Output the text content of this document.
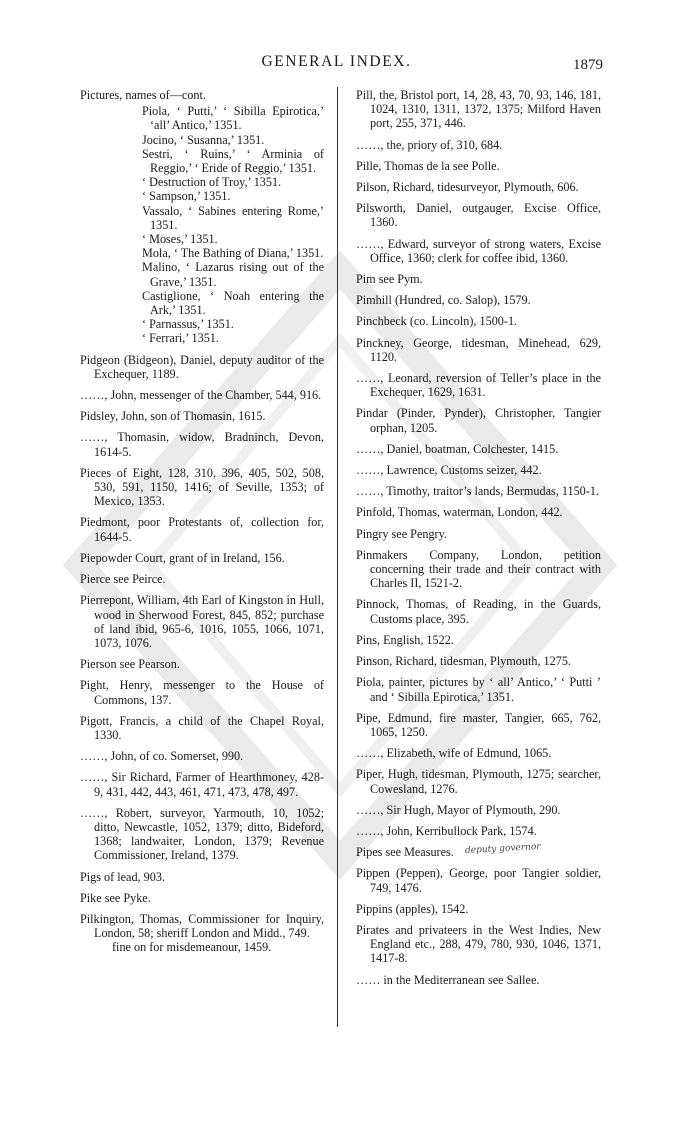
GENERAL INDEX.	1879

Pictures, names of—cont.

Piola, ‘ Putti,’ ‘ Sibilla Epirotica,’ ‘all’ Antico,’ 1351.

Jocino, ‘ Susanna,’ 1351.

Sestri, ‘ Ruins,’ ‘ Arminia of Reggio,’ ‘ Eride of Reggio,’ 1351.

‘ Destruction of Troy,’ 1351.

‘ Sampson,’ 1351.

Vassalo, ‘ Sabines entering Rome,’ 1351.

‘ Moses,’ 1351.

Mola, ‘ The Bathing of Diana,’ 1351.

Malino, ‘ Lazarus rising out of the Grave,’ 1351.

Castiglione, ‘ Noah entering the Ark,’ 1351.

‘ Parnassus,’ 1351.

‘ Ferrari,’ 1351.

Pidgeon (Bidgeon), Daniel, deputy auditor of the Exchequer, 1189.

……, John, messenger of the Chamber, 544, 916.

Pidsley, John, son of Thomasin, 1615.

……, Thomasin, widow, Bradninch, Devon, 1614-5.

Pieces of Eight, 128, 310, 396, 405, 502, 508, 530, 591, 1150, 1416; of Seville, 1353; of Mexico, 1353.

Piedmont, poor Protestants of, collection for, 1644-5.

Piepowder Court, grant of in Ireland, 156.

Pierce see Peirce.

Pierrepont, William, 4th Earl of Kingston in Hull, wood in Sherwood Forest, 845, 852; purchase of land ibid, 965-6, 1016, 1055, 1066, 1071, 1073, 1076.

Pierson see Pearson.

Pight, Henry, messenger to the House of Commons, 137.

Pigott, Francis, a child of the Chapel Royal, 1330.

……, John, of co. Somerset, 990.

……, Sir Richard, Farmer of Hearthmoney, 428-9, 431, 442, 443, 461, 471, 473, 478, 497.

……, Robert, surveyor, Yarmouth, 10, 1052; ditto, Newcastle, 1052, 1379; ditto, Bideford, 1368; landwaiter, London, 1379; Revenue Commissioner, Ireland, 1379.

Pigs of lead, 903.

Pike see Pyke.

Pilkington, Thomas, Commissioner for Inquiry, London, 58; sheriff London and Midd., 749.

fine on for misdemeanour, 1459.

Pill, the, Bristol port, 14, 28, 43, 70, 93, 146, 181, 1024, 1310, 1311, 1372, 1375; Milford Haven port, 255, 371, 446.

……, the, priory of, 310, 684.

Pille, Thomas de la see Polle.

Pilson, Richard, tidesurveyor, Plymouth, 606.

Pilsworth, Daniel, outgauger, Excise Office, 1360.

……, Edward, surveyor of strong waters, Excise Office, 1360; clerk for coffee ibid, 1360.

Pim see Pym.

Pimhill (Hundred, co. Salop), 1579.

Pinchbeck (co. Lincoln), 1500-1.

Pinckney, George, tidesman, Minehead, 629, 1120.

……, Leonard, reversion of Teller’s place in the Exchequer, 1629, 1631.

Pindar (Pinder, Pynder), Christopher, Tangier orphan, 1205.

……, Daniel, boatman, Colchester, 1415.

……, Lawrence, Customs seizer, 442.

……, Timothy, traitor’s lands, Bermudas, 1150-1.

Pinfold, Thomas, waterman, London, 442.

Pingry see Pengry.

Pinmakers Company, London, petition concerning their trade and their contract with Charles II, 1521-2.

Pinnock, Thomas, of Reading, in the Guards, Customs place, 395.

Pins, English, 1522.

Pinson, Richard, tidesman, Plymouth, 1275.

Piola, painter, pictures by ‘ all’ Antico,’ ‘ Putti ’ and ‘ Sibilla Epirotica,’ 1351.

Pipe, Edmund, fire master, Tangier, 665, 762, 1065, 1250.

……, Elizabeth, wife of Edmund, 1065.

Piper, Hugh, tidesman, Plymouth, 1275; searcher, Cowesland, 1276.

……, Sir Hugh, Mayor of Plymouth, 290.

……, John, Kerribullock Park, 1574.

Pipes see Measures.

Pippen (Peppen), George, poor Tangier soldier, 749, 1476.

Pippins (apples), 1542.

Pirates and privateers in the West Indies, New England etc., 288, 479, 780, 930, 1046, 1371, 1417-8.

…… in the Mediterranean see Sallee.

deputy governor
